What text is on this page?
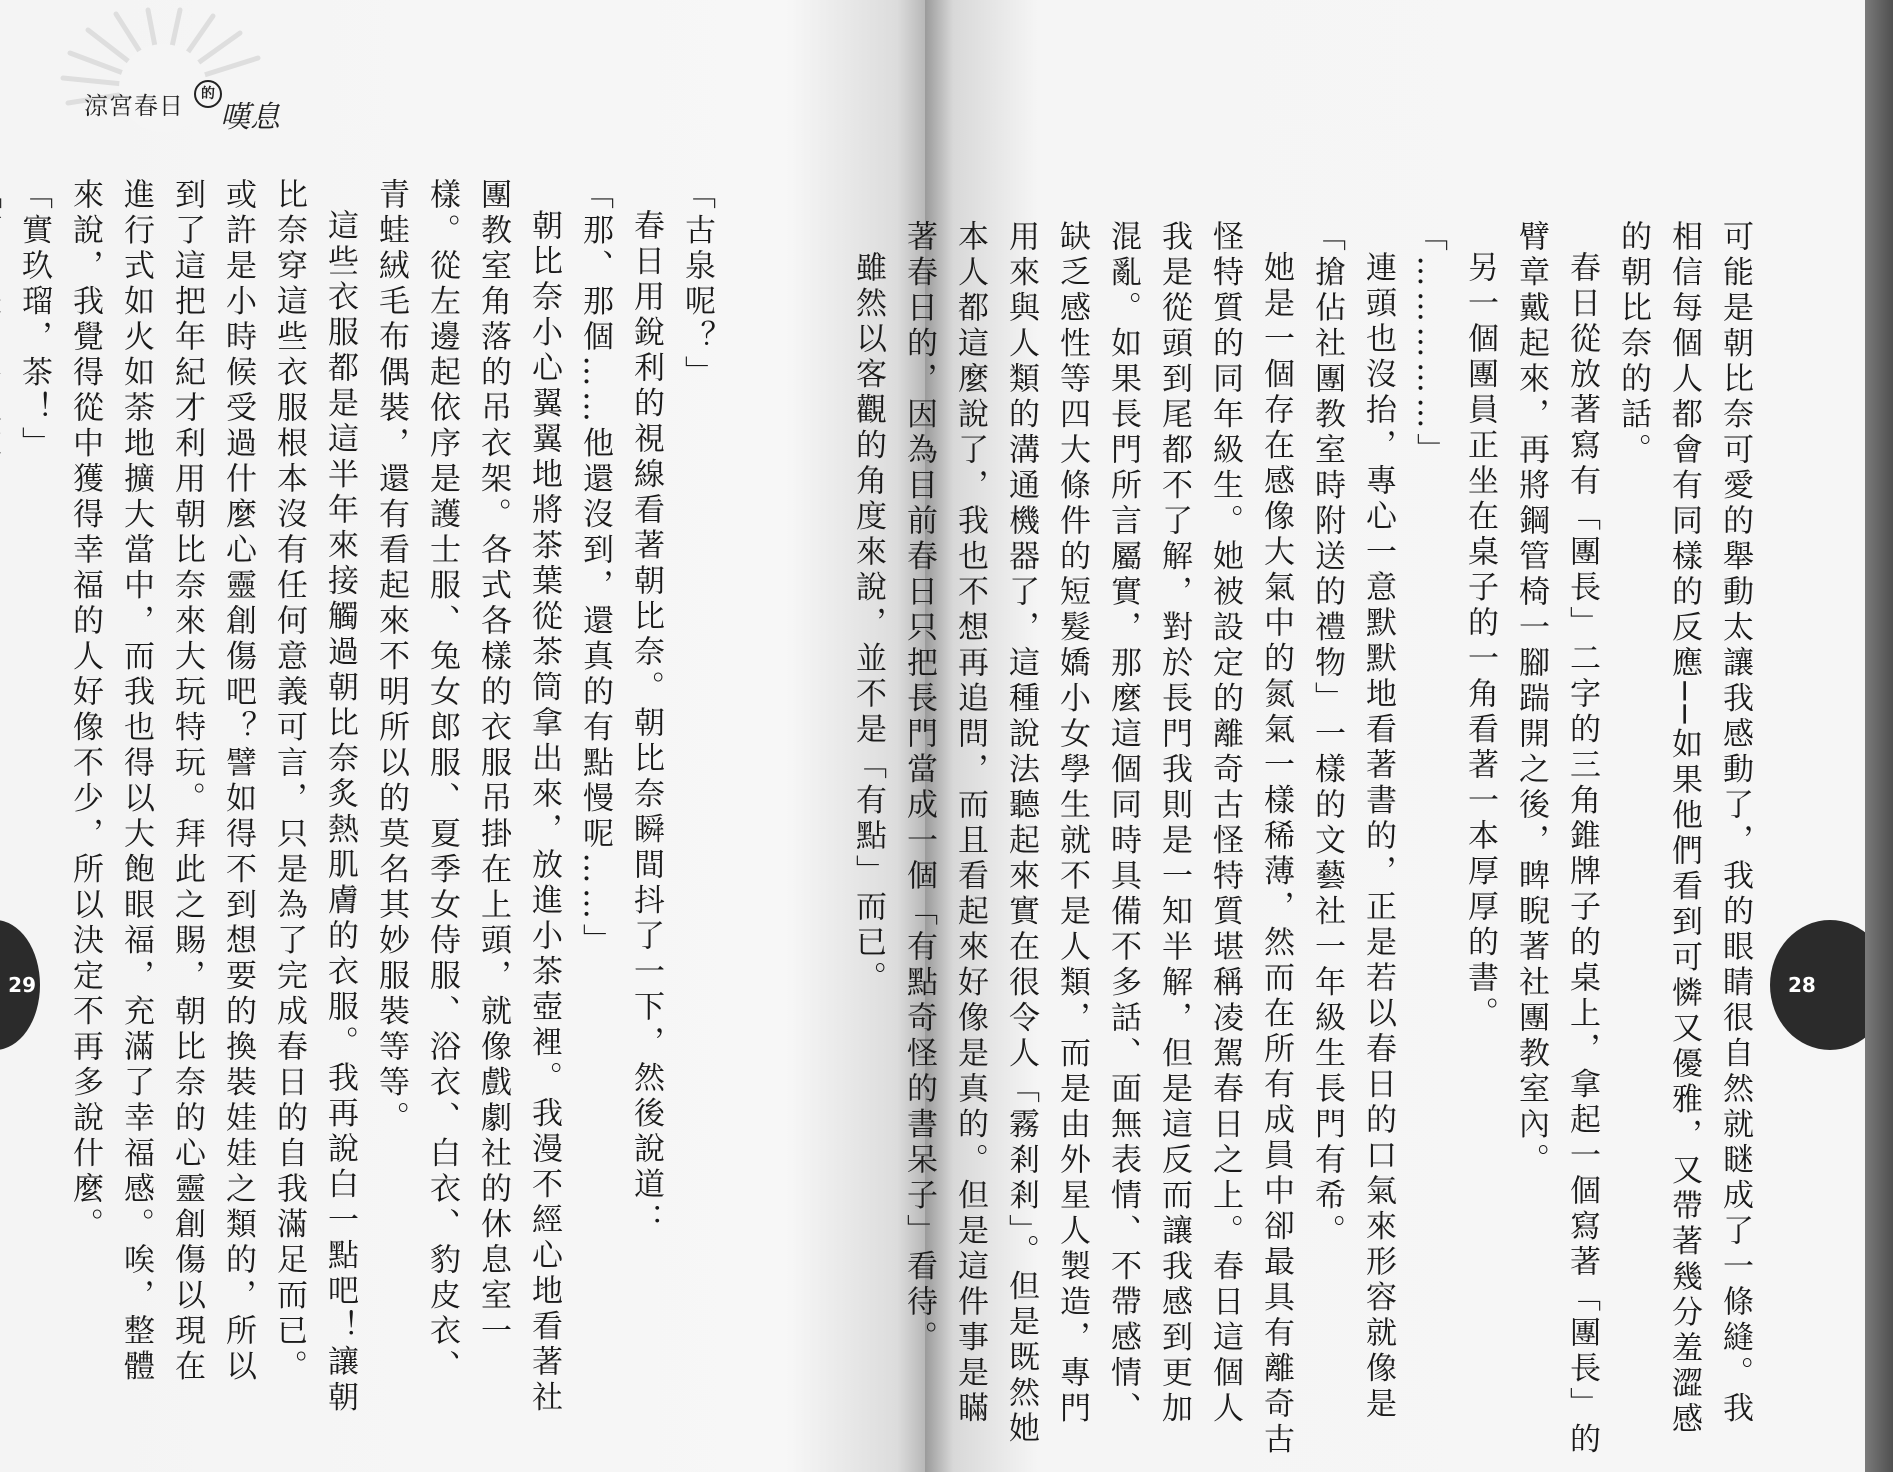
涼宮春日	的
嘆息

「古泉呢？」

春日用銳利的視線看著朝比奈。朝比奈瞬間抖了一下，然後說道：

「那、那個……他還沒到，還真的有點慢呢……」

朝比奈小心翼翼地將茶葉從茶筒拿出來，放進小茶壺裡。我漫不經心地看著社團教室角落的吊衣架。各式各樣的衣服吊掛在上頭，就像戲劇社的休息室一樣。從左邊起依序是護士服、兔女郎服、夏季女侍服、浴衣、白衣、豹皮衣、青蛙絨毛布偶裝，還有看起來不明所以的莫名其妙服裝等等。

這些衣服都是這半年來接觸過朝比奈炙熱肌膚的衣服。我再說白一點吧！讓朝比奈穿這些衣服根本沒有任何意義可言，只是為了完成春日的自我滿足而已。或許是小時候受過什麼心靈創傷吧？譬如得不到想要的換裝娃娃之類的，所以到了這把年紀才利用朝比奈來大玩特玩。拜此之賜，朝比奈的心靈創傷以現在進行式如火如荼地擴大當中，而我也得以大飽眼福，充滿了幸福感。唉，整體來說，我覺得從中獲得幸福的人好像不少，所以決定不再多說什麼。

「實玖瑠，茶！」

29	可能是朝比奈可愛的舉動太讓我感動了，我的眼睛很自然就瞇成了一條縫。我相信每個人都會有同樣的反應──如果他們看到可憐又優雅，又帶著幾分羞澀感的朝比奈的話。

春日從放著寫有「團長」二字的三角錐牌子的桌上，拿起一個寫著「團長」的臂章戴起來，再將鋼管椅一腳踹開之後，睥睨著社團教室內。

另一個團員正坐在桌子的一角看著一本厚厚的書。

「……………」

連頭也沒抬，專心一意默默地看著書的，正是若以春日的口氣來形容就像是「搶佔社團教室時附送的禮物」一樣的文藝社一年級生長門有希。

她是一個存在感像大氣中的氮氣一樣稀薄，然而在所有成員中卻最具有離奇古怪特質的同年級生。她被設定的離奇古怪特質堪稱凌駕春日之上。春日這個人我是從頭到尾都不了解，對於長門我則是一知半解，但是這反而讓我感到更加混亂。如果長門所言屬實，那麼這個同時具備不多話、面無表情、不帶感情、缺乏感性等四大條件的短髮嬌小女學生就不是人類，而是由外星人製造，專門用來與人類的溝通機器了，這種說法聽起來實在很令人「霧剎剎」。但是既然她本人都這麼說了，我也不想再追問，而且看起來好像是真的。但是這件事是瞞著春日的，因為目前春日只把長門當成一個「有點奇怪的書呆子」看待。

雖然以客觀的角度來說，並不是「有點」而已。	28
